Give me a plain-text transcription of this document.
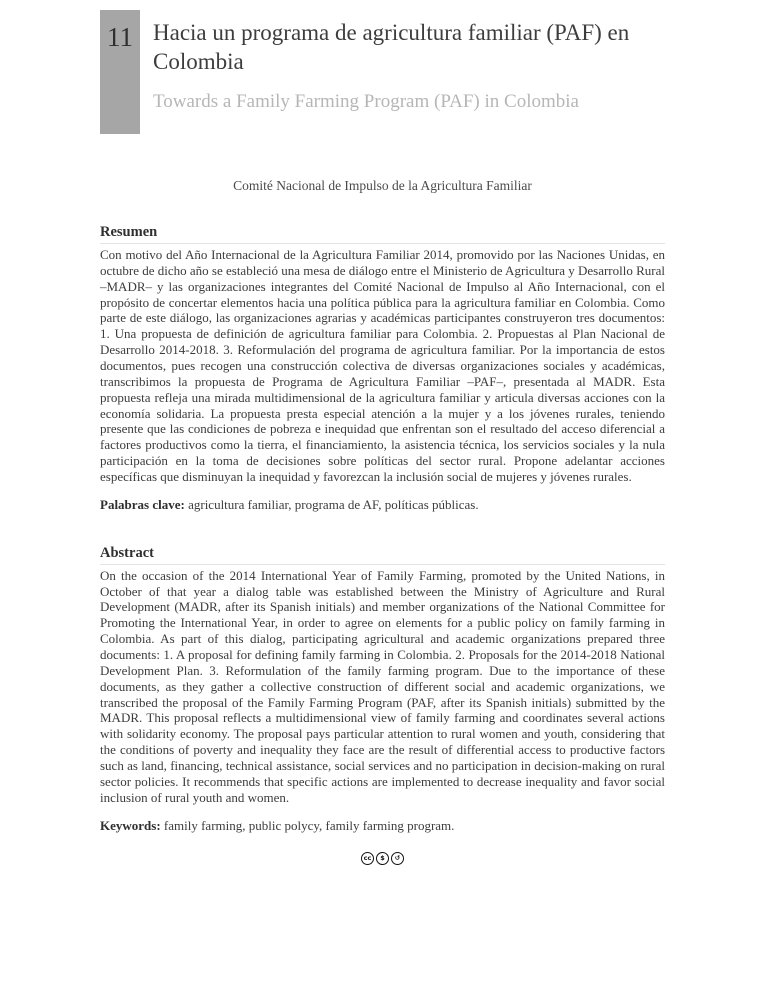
11 Hacia un programa de agricultura familiar (PAF) en Colombia
Towards a Family Farming Program (PAF) in Colombia

Comité Nacional de Impulso de la Agricultura Familiar

Resumen

Con motivo del Año Internacional de la Agricultura Familiar 2014, promovido por las Naciones Unidas, en octubre de dicho año se estableció una mesa de diálogo entre el Ministerio de Agricultura y Desarrollo Rural –MADR– y las organizaciones integrantes del Comité Nacional de Impulso al Año Internacional, con el propósito de concertar elementos hacia una política pública para la agricultura familiar en Colombia. Como parte de este diálogo, las organizaciones agrarias y académicas participantes construyeron tres documentos: 1. Una propuesta de definición de agricultura familiar para Colombia. 2. Propuestas al Plan Nacional de Desarrollo 2014-2018. 3. Reformulación del programa de agricultura familiar. Por la importancia de estos documentos, pues recogen una construcción colectiva de diversas organizaciones sociales y académicas, transcribimos la propuesta de Programa de Agricultura Familiar –PAF–, presentada al MADR. Esta propuesta refleja una mirada multidimensional de la agricultura familiar y articula diversas acciones con la economía solidaria. La propuesta presta especial atención a la mujer y a los jóvenes rurales, teniendo presente que las condiciones de pobreza e inequidad que enfrentan son el resultado del acceso diferencial a factores productivos como la tierra, el financiamiento, la asistencia técnica, los servicios sociales y la nula participación en la toma de decisiones sobre políticas del sector rural. Propone adelantar acciones específicas que disminuyan la inequidad y favorezcan la inclusión social de mujeres y jóvenes rurales.

Palabras clave: agricultura familiar, programa de AF, políticas públicas.

Abstract

On the occasion of the 2014 International Year of Family Farming, promoted by the United Nations, in October of that year a dialog table was established between the Ministry of Agriculture and Rural Development (MADR, after its Spanish initials) and member organizations of the National Committee for Promoting the International Year, in order to agree on elements for a public policy on family farming in Colombia. As part of this dialog, participating agricultural and academic organizations prepared three documents: 1. A proposal for defining family farming in Colombia. 2. Proposals for the 2014-2018 National Development Plan. 3. Reformulation of the family farming program. Due to the importance of these documents, as they gather a collective construction of different social and academic organizations, we transcribed the proposal of the Family Farming Program (PAF, after its Spanish initials) submitted by the MADR. This proposal reflects a multidimensional view of family farming and coordinates several actions with solidarity economy. The proposal pays particular attention to rural women and youth, considering that the conditions of poverty and inequality they face are the result of differential access to productive factors such as land, financing, technical assistance, social services and no participation in decision-making on rural sector policies. It recommends that specific actions are implemented to decrease inequality and favor social inclusion of rural youth and women.

Keywords: family farming, public polycy, family farming program.

cc	$	↺
